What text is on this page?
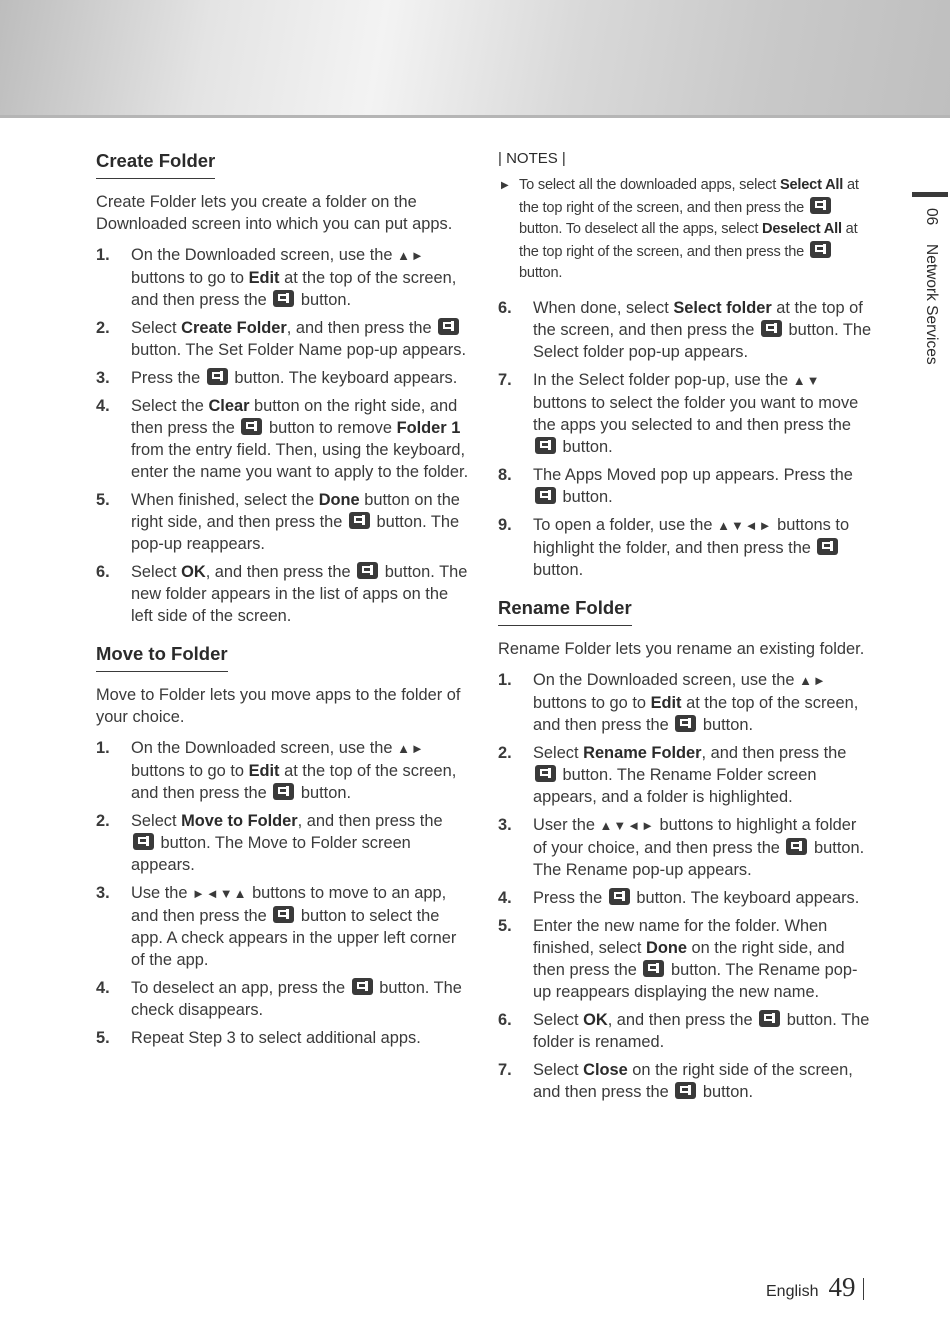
Create Folder

Create Folder lets you create a folder on the Downloaded screen into which you can put apps.

1. On the Downloaded screen, use the ▲► buttons to go to Edit at the top of the screen, and then press the  button.
2. Select Create Folder, and then press the  button. The Set Folder Name pop-up appears.
3. Press the  button. The keyboard appears.
4. Select the Clear button on the right side, and then press the  button to remove Folder 1 from the entry field. Then, using the keyboard, enter the name you want to apply to the folder.
5. When finished, select the Done button on the right side, and then press the  button. The pop-up reappears.
6. Select OK, and then press the  button. The new folder appears in the list of apps on the left side of the screen.
Move to Folder

Move to Folder lets you move apps to the folder of your choice.

1. On the Downloaded screen, use the ▲► buttons to go to Edit at the top of the screen, and then press the  button.
2. Select Move to Folder, and then press the  button. The Move to Folder screen appears.
3. Use the ►◄▼▲ buttons to move to an app, and then press the  button to select the app. A check appears in the upper left corner of the app.
4. To deselect an app, press the  button. The check disappears.
5. Repeat Step 3 to select additional apps.
| NOTES |
▶ To select all the downloaded apps, select Select All at the top right of the screen, and then press the  button. To deselect all the apps, select Deselect All at the top right of the screen, and then press the  button.
6. When done, select Select folder at the top of the screen, and then press the  button. The Select folder pop-up appears.
7. In the Select folder pop-up, use the ▲▼ buttons to select the folder you want to move the apps you selected to and then press the  button.
8. The Apps Moved pop up appears. Press the  button.
9. To open a folder, use the ▲▼◄► buttons to highlight the folder, and then press the  button.
Rename Folder

Rename Folder lets you rename an existing folder.

1. On the Downloaded screen, use the ▲► buttons to go to Edit at the top of the screen, and then press the  button.
2. Select Rename Folder, and then press the  button. The Rename Folder screen appears, and a folder is highlighted.
3. User the ▲▼◄► buttons to highlight a folder of your choice, and then press the  button. The Rename pop-up appears.
4. Press the  button. The keyboard appears.
5. Enter the new name for the folder. When finished, select Done on the right side, and then press the  button. The Rename pop-up reappears displaying the new name.
6. Select OK, and then press the  button. The folder is renamed.
7. Select Close on the right side of the screen, and then press the  button.
06 Network Services
English 49
